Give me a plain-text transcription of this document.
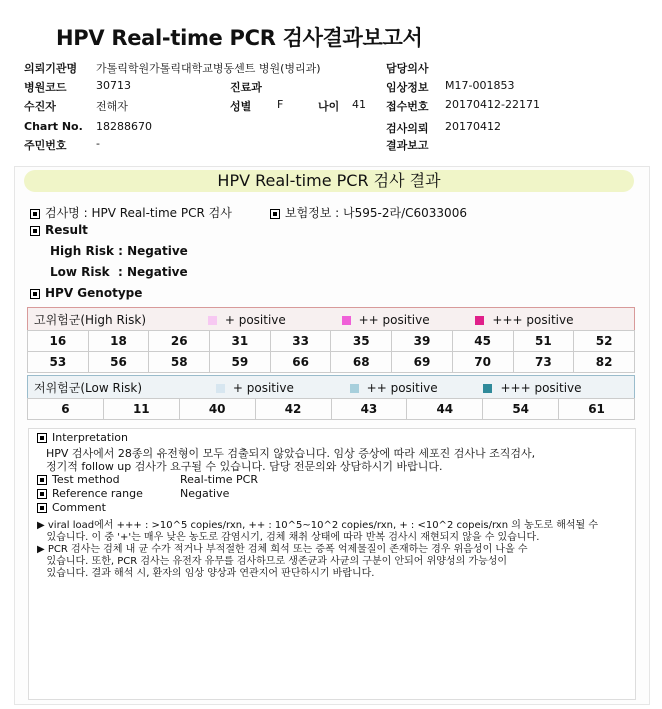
HPV Real-time PCR 검사결과보고서
의뢰기관명 가톨릭학원가톨릭대학교병동센트 병원(병리과)	담당의사
병원코드	30713	진료과	임상정보 M17-001853
수진자	전해자	성별 F	나이 41 접수번호 20170412-22171
Chart No. 18288670	검사의뢰 20170412
주민번호	-	결과보고
HPV Real-time PCR 검사 결과
검사명 : HPV Real-time PCR 검사	보험정보 : 나595-2라/C6033006
Result
High Risk : Negative
Low Risk  : Negative
HPV Genotype
고위험군(High Risk) + positive ++ positive +++ positive									
16	18	26	31	33	35	39	45	51	52
53	56	58	59	66	68	69	70	73	82
저위험군(Low Risk)	+ positive	++ positive	+++ positive
6	11	40	42	43	44	54	61
Interpretation
HPV 검사에서 28종의 유전형이 모두 검출되지 않았습니다. 임상 증상에 따라 세포진 검사나 조직검사,
정기적 follow up 검사가 요구될 수 있습니다. 담당 전문의와 상담하시기 바랍니다.
Test method	Real-time PCR
Reference range	Negative
Comment
▶ viral load에서 +++ : >10^5 copies/rxn, ++ : 10^5~10^2 copies/rxn, + : <10^2 copeis/rxn 의 농도로 해석될 수
있습니다. 이 중 '+'는 매우 낮은 농도로 감염시기, 검체 채취 상태에 따라 반복 검사시 재현되지 않을 수 있습니다.
▶ PCR 검사는 검체 내 균 수가 적거나 부적절한 검체 희석 또는 증폭 억제물질이 존재하는 경우 위음성이 나올 수
있습니다. 또한, PCR 검사는 유전자 유무를 검사하므로 생존균과 사균의 구분이 안되어 위양성의 가능성이
있습니다. 결과 해석 시, 환자의 임상 양상과 연관지어 판단하시기 바랍니다.
